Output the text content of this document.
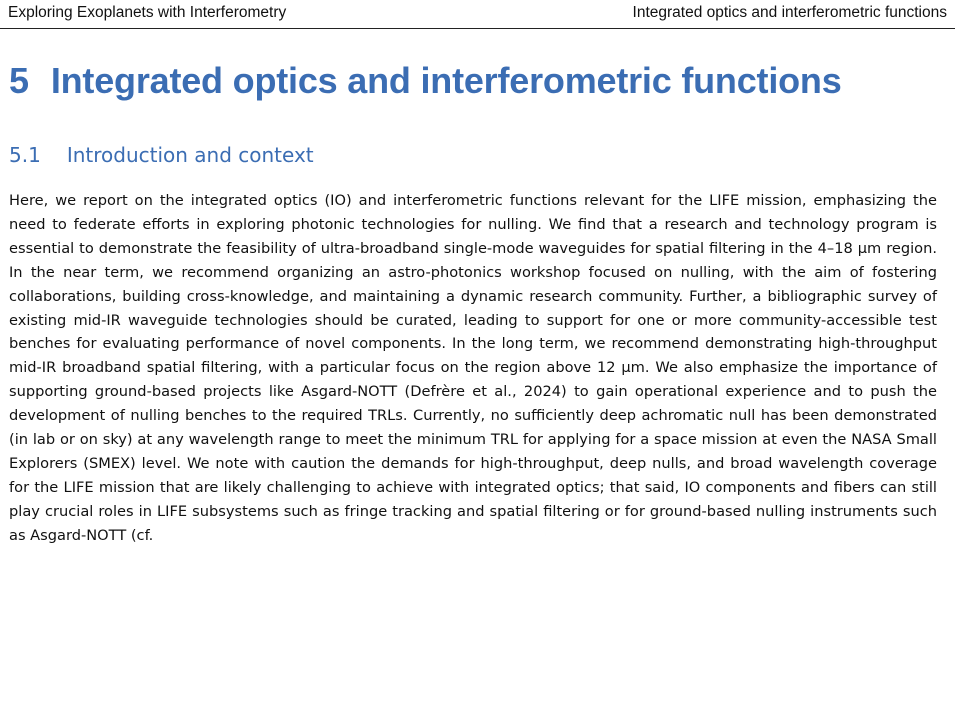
Exploring Exoplanets with Interferometry	Integrated optics and interferometric functions
5 Integrated optics and interferometric functions
5.1 Introduction and context

Here, we report on the integrated optics (IO) and interferometric functions relevant for the LIFE mission, emphasizing the need to federate efforts in exploring photonic technologies for nulling. We find that a research and technology program is essential to demonstrate the feasibility of ultra-broadband single-mode waveguides for spatial filtering in the 4–18 μm region. In the near term, we recommend organizing an astro-photonics workshop focused on nulling, with the aim of fostering collaborations, building cross-knowledge, and maintaining a dynamic research community. Further, a bibliographic survey of existing mid-IR waveguide technologies should be curated, leading to support for one or more community-accessible test benches for evaluating performance of novel components. In the long term, we recommend demonstrating high-throughput mid-IR broadband spatial filtering, with a particular focus on the region above 12 μm. We also emphasize the importance of supporting ground-based projects like Asgard-NOTT (Defrère et al., 2024) to gain operational experience and to push the development of nulling benches to the required TRLs. Currently, no sufficiently deep achromatic null has been demonstrated (in lab or on sky) at any wavelength range to meet the minimum TRL for applying for a space mission at even the NASA Small Explorers (SMEX) level. We note with caution the demands for high-throughput, deep nulls, and broad wavelength coverage for the LIFE mission that are likely challenging to achieve with integrated optics; that said, IO components and fibers can still play crucial roles in LIFE subsystems such as fringe tracking and spatial filtering or for ground-based nulling instruments such as Asgard-NOTT (cf.
